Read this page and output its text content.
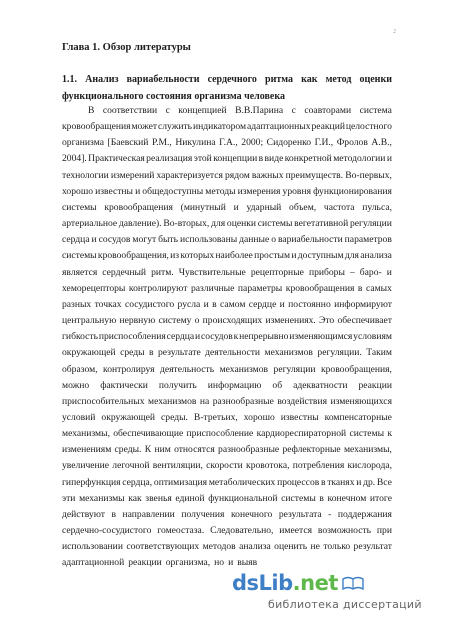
2
Глава 1. Обзор литературы
1.1. Анализ вариабельности сердечного ритма как метод оценки
функционального состояния организма человека
В соответствии с концепцией В.В.Парина с соавторами система
кровообращения может служить индикатором адаптационных реакций целостного
организма [Баевский Р.М., Никулина Г.А., 2000; Сидоренко Г.И., Фролов А.В.,
2004]. Практическая реализация этой концепции в виде конкретной методологии и
технологии измерений характеризуется рядом важных преимуществ. Во-первых,
хорошо известны и общедоступны методы измерения уровня функционирования
системы кровообращения (минутный и ударный объем, частота пульса,
артериальное давление). Во-вторых, для оценки системы вегетативной регуляции
сердца и сосудов могут быть использованы данные о вариабельности параметров
системы кровообращения, из которых наиболее простым и доступным для анализа
является сердечный ритм. Чувствительные рецепторные приборы – баро- и
хеморецепторы контролируют различные параметры кровообращения в самых
разных точках сосудистого русла и в самом сердце и постоянно информируют
центральную нервную систему о происходящих изменениях. Это обеспечивает
гибкость приспособления сердца и сосудов к непрерывно изменяющимся условиям
окружающей среды в результате деятельности механизмов регуляции. Таким
образом, контролируя деятельность механизмов регуляции кровообращения,
можно фактически получить информацию об адекватности реакции
приспособительных механизмов на разнообразные воздействия изменяющихся
условий окружающей среды. В-третьих, хорошо известны компенсаторные
механизмы, обеспечивающие приспособление кардиореспираторной системы к
изменениям среды. К ним относятся разнообразные рефлекторные механизмы,
увеличение легочной вентиляции, скорости кровотока, потребления кислорода,
гиперфункция сердца, оптимизация метаболических процессов в тканях и др. Все
эти механизмы как звенья единой функциональной системы в конечном итоге
действуют в направлении получения конечного результата - поддержания
сердечно-сосудистого гомеостаза. Следовательно, имеется возможность при
использовании соответствующих методов анализа оценить не только результат
адаптационной реакции организма, но и выяв
dsLib.net
библиотека диссертаций
